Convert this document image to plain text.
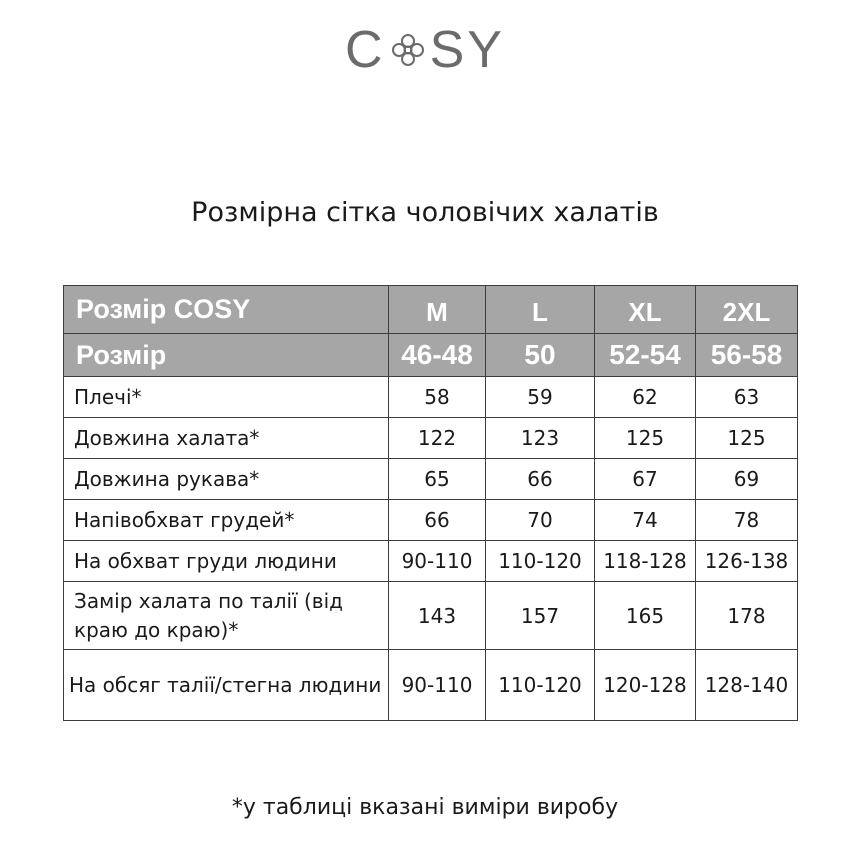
C SY
Розмірна сітка чоловічих халатів
Розмір COSY	M	L	XL	2XL
Розмір	46-48	50	52-54	56-58
Плечі*	58	59	62	63
Довжина халата*	122	123	125	125
Довжина рукава*	65	66	67	69
Напівобхват грудей*	66	70	74	78
На обхват груди людини	90-110	110-120	118-128	126-138
Замір халата по талії (від краю до краю)*	143	157	165	178
На обсяг талії/стегна людини	90-110	110-120	120-128	128-140
*у таблиці вказані виміри виробу
